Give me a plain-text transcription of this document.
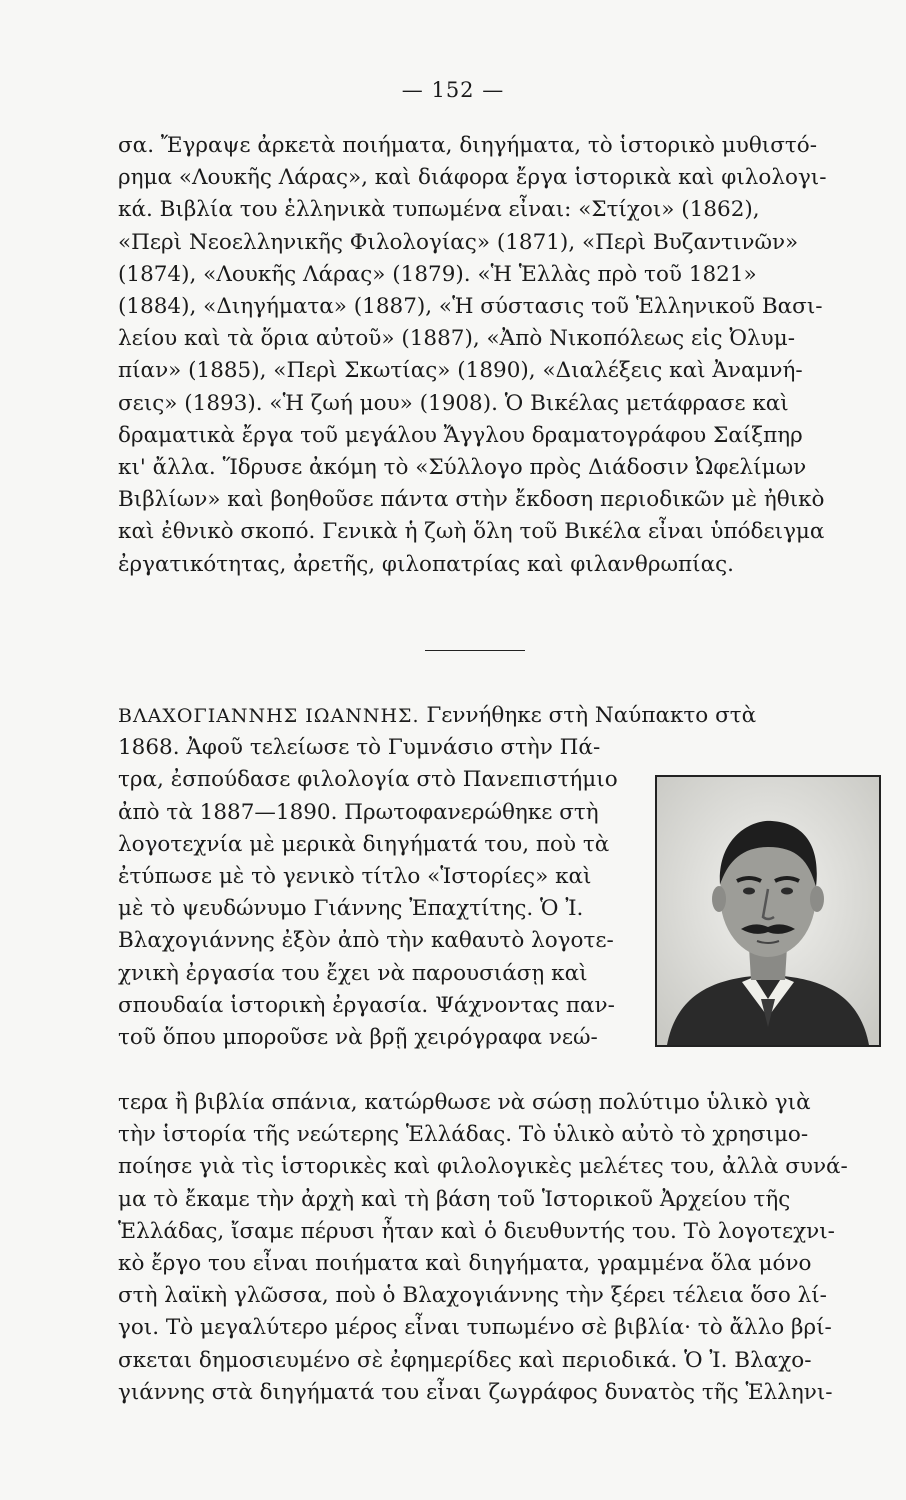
— 152 —
σα. Ἔγραψε ἀρκετὰ ποιήματα, διηγήματα, τὸ ἱστορικὸ μυθιστό-
ρημα «Λουκῆς Λάρας», καὶ διάφορα ἔργα ἱστορικὰ καὶ φιλολογι-
κά. Βιβλία του ἑλληνικὰ τυπωμένα εἶναι: «Στίχοι» (1862),
«Περὶ Νεοελληνικῆς Φιλολογίας» (1871), «Περὶ Βυζαντινῶν»
(1874), «Λουκῆς Λάρας» (1879). «Ἡ Ἑλλὰς πρὸ τοῦ 1821»
(1884), «Διηγήματα» (1887), «Ἡ σύστασις τοῦ Ἑλληνικοῦ Βασι-
λείου καὶ τὰ ὅρια αὐτοῦ» (1887), «Ἀπὸ Νικοπόλεως εἰς Ὀλυμ-
πίαν» (1885), «Περὶ Σκωτίας» (1890), «Διαλέξεις καὶ Ἀναμνή-
σεις» (1893). «Ἡ ζωή μου» (1908). Ὁ Βικέλας μετάφρασε καὶ
δραματικὰ ἔργα τοῦ μεγάλου Ἄγγλου δραματογράφου Σαίξπηρ
κι' ἄλλα. Ἵδρυσε ἀκόμη τὸ «Σύλλογο πρὸς Διάδοσιν Ὠφελίμων
Βιβλίων» καὶ βοηθοῦσε πάντα στὴν ἔκδοση περιοδικῶν μὲ ἠθικὸ
καὶ ἐθνικὸ σκοπό. Γενικὰ ἡ ζωὴ ὅλη τοῦ Βικέλα εἶναι ὑπόδειγμα
ἐργατικότητας, ἀρετῆς, φιλοπατρίας καὶ φιλανθρωπίας.
ΒΛΑΧΟΓΙΑΝΝΗΣ ΙΩΑΝΝΗΣ. Γεννήθηκε στὴ Ναύπακτο στὰ
1868. Ἀφοῦ τελείωσε τὸ Γυμνάσιο στὴν Πά-
τρα, ἐσπούδασε φιλολογία στὸ Πανεπιστήμιο
ἀπὸ τὰ 1887—1890. Πρωτοφανερώθηκε στὴ
λογοτεχνία μὲ μερικὰ διηγήματά του, ποὺ τὰ
ἐτύπωσε μὲ τὸ γενικὸ τίτλο «Ἱστορίες» καὶ
μὲ τὸ ψευδώνυμο Γιάννης Ἐπαχτίτης. Ὁ Ἰ.
Βλαχογιάννης ἐξὸν ἀπὸ τὴν καθαυτὸ λογοτε-
χνικὴ ἐργασία του ἔχει νὰ παρουσιάσῃ καὶ
σπουδαία ἱστορικὴ ἐργασία. Ψάχνοντας παν-
τοῦ ὅπου μποροῦσε νὰ βρῇ χειρόγραφα νεώ-
τερα ἢ βιβλία σπάνια, κατώρθωσε νὰ σώσῃ πολύτιμο ὑλικὸ γιὰ
τὴν ἱστορία τῆς νεώτερης Ἑλλάδας. Τὸ ὑλικὸ αὐτὸ τὸ χρησιμο-
ποίησε γιὰ τὶς ἱστορικὲς καὶ φιλολογικὲς μελέτες του, ἀλλὰ συνά-
μα τὸ ἔκαμε τὴν ἀρχὴ καὶ τὴ βάση τοῦ Ἱστορικοῦ Ἀρχείου τῆς
Ἑλλάδας, ἴσαμε πέρυσι ἦταν καὶ ὁ διευθυντής του. Τὸ λογοτεχνι-
κὸ ἔργο του εἶναι ποιήματα καὶ διηγήματα, γραμμένα ὅλα μόνο
στὴ λαϊκὴ γλῶσσα, ποὺ ὁ Βλαχογιάννης τὴν ξέρει τέλεια ὅσο λί-
γοι. Τὸ μεγαλύτερο μέρος εἶναι τυπωμένο σὲ βιβλία· τὸ ἄλλο βρί-
σκεται δημοσιευμένο σὲ ἐφημερίδες καὶ περιοδικά. Ὁ Ἰ. Βλαχο-
γιάννης στὰ διηγήματά του εἶναι ζωγράφος δυνατὸς τῆς Ἑλληνι-
